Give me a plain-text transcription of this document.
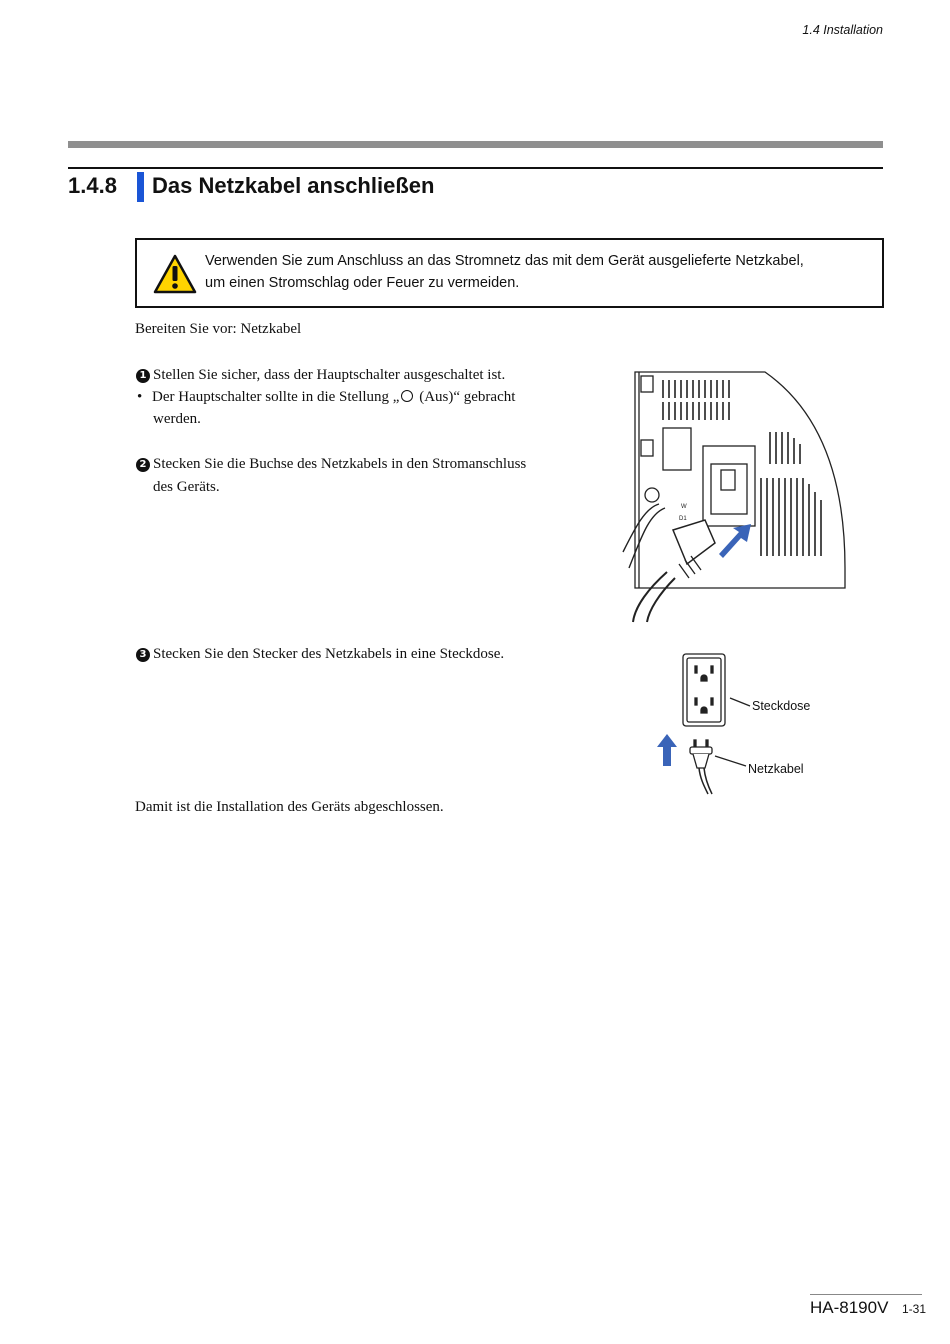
1.4 Installation
1.4.8 Das Netzkabel anschließen
Verwenden Sie zum Anschluss an das Stromnetz das mit dem Gerät ausgelieferte Netzkabel,
um einen Stromschlag oder Feuer zu vermeiden.
Bereiten Sie vor: Netzkabel
1 Stellen Sie sicher, dass der Hauptschalter ausgeschaltet ist.
• Der Hauptschalter sollte in die Stellung „ (Aus)“ gebracht
werden.
2 Stecken Sie die Buchse des Netzkabels in den Stromanschluss
des Geräts.
3 Stecken Sie den Stecker des Netzkabels in eine Steckdose.
W
D1
Steckdose
Netzkabel
Damit ist die Installation des Geräts abgeschlossen.
HA-8190V 1-31
